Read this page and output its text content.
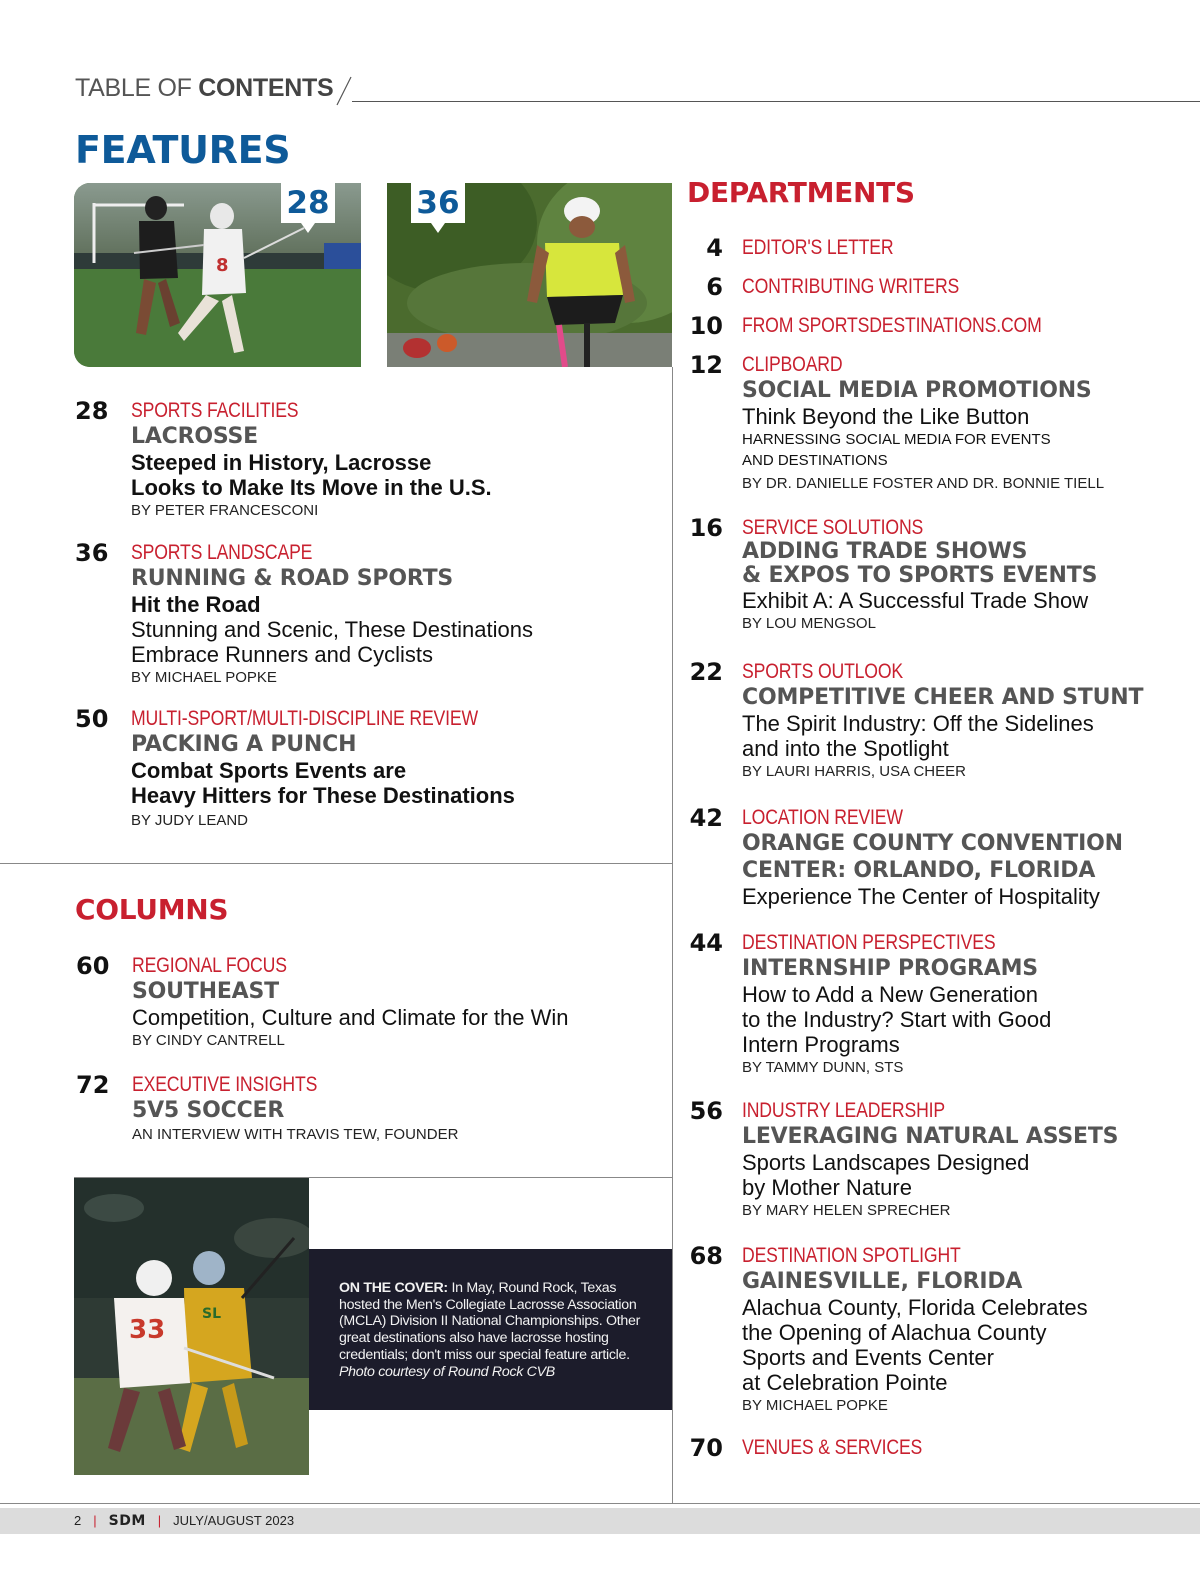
TABLE OF CONTENTS
FEATURES
8
28	36
28 SPORTS FACILITIES
LACROSSE
Steeped in History, Lacrosse
Looks to Make Its Move in the U.S.
BY PETER FRANCESCONI
36 SPORTS LANDSCAPE
RUNNING & ROAD SPORTS
Hit the Road
Stunning and Scenic, These Destinations
Embrace Runners and Cyclists
BY MICHAEL POPKE
50 MULTI-SPORT/MULTI-DISCIPLINE REVIEW
PACKING A PUNCH
Combat Sports Events are
Heavy Hitters for These Destinations
BY JUDY LEAND
COLUMNS
60 REGIONAL FOCUS
SOUTHEAST
Competition, Culture and Climate for the Win
BY CINDY CANTRELL
72 EXECUTIVE INSIGHTS
5V5 SOCCER
AN INTERVIEW WITH TRAVIS TEW, FOUNDER
SL
33
ON THE COVER: In May, Round Rock, Texas hosted the Men's Collegiate Lacrosse Association (MCLA) Division II National Championships. Other great destinations also have lacrosse hosting credentials; don't miss our special feature article.
Photo courtesy of Round Rock CVB
DEPARTMENTS
4 EDITOR'S LETTER
6 CONTRIBUTING WRITERS
10 FROM SPORTSDESTINATIONS.COM
12 CLIPBOARD
SOCIAL MEDIA PROMOTIONS
Think Beyond the Like Button
HARNESSING SOCIAL MEDIA FOR EVENTS
AND DESTINATIONS
BY DR. DANIELLE FOSTER AND DR. BONNIE TIELL
16 SERVICE SOLUTIONS
ADDING TRADE SHOWS
& EXPOS TO SPORTS EVENTS
Exhibit A: A Successful Trade Show
BY LOU MENGSOL
22 SPORTS OUTLOOK
COMPETITIVE CHEER AND STUNT
The Spirit Industry: Off the Sidelines
and into the Spotlight
BY LAURI HARRIS, USA CHEER
42 LOCATION REVIEW
ORANGE COUNTY CONVENTION
CENTER: ORLANDO, FLORIDA
Experience The Center of Hospitality
44 DESTINATION PERSPECTIVES
INTERNSHIP PROGRAMS
How to Add a New Generation
to the Industry? Start with Good
Intern Programs
BY TAMMY DUNN, STS
56 INDUSTRY LEADERSHIP
LEVERAGING NATURAL ASSETS
Sports Landscapes Designed
by Mother Nature
BY MARY HELEN SPRECHER
68 DESTINATION SPOTLIGHT
GAINESVILLE, FLORIDA
Alachua County, Florida Celebrates
the Opening of Alachua County
Sports and Events Center
at Celebration Pointe
BY MICHAEL POPKE
70 VENUES & SERVICES
2 | SDM | JULY/AUGUST 2023
